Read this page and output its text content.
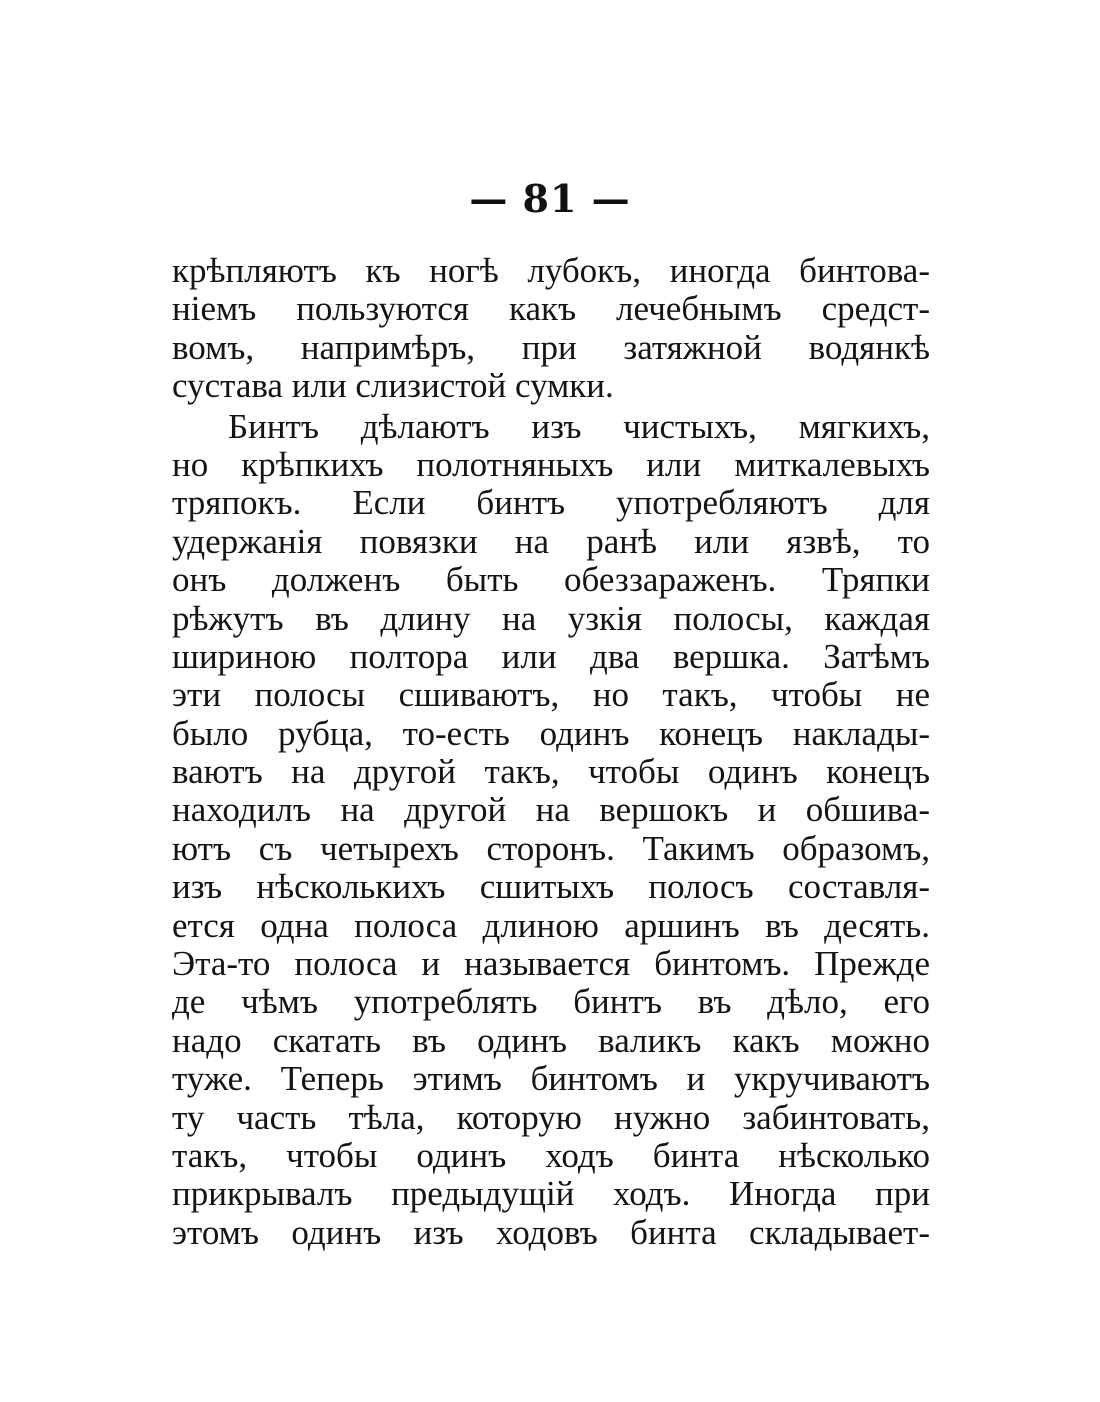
— 81 —
крѣпляютъ къ ногѣ лубокъ, иногда бинтова-
ніемъ пользуются какъ лечебнымъ средст-
вомъ, напримѣръ, при затяжной водянкѣ
сустава или слизистой сумки.
Бинтъ дѣлаютъ изъ чистыхъ, мягкихъ,
но крѣпкихъ полотняныхъ или миткалевыхъ
тряпокъ. Если бинтъ употребляютъ для
удержанія повязки на ранѣ или язвѣ, то
онъ долженъ быть обеззараженъ. Тряпки
рѣжутъ въ длину на узкія полосы, каждая
шириною полтора или два вершка. Затѣмъ
эти полосы сшиваютъ, но такъ, чтобы не
было рубца, то-есть одинъ конецъ наклады-
ваютъ на другой такъ, чтобы одинъ конецъ
находилъ на другой на вершокъ и обшива-
ютъ съ четырехъ сторонъ. Такимъ образомъ,
изъ нѣсколькихъ сшитыхъ полосъ составля-
ется одна полоса длиною аршинъ въ десять.
Эта-то полоса и называется бинтомъ. Прежде
де чѣмъ употреблять бинтъ въ дѣло, его
надо скатать въ одинъ валикъ какъ можно
туже. Теперь этимъ бинтомъ и укручиваютъ
ту часть тѣла, которую нужно забинтовать,
такъ, чтобы одинъ ходъ бинта нѣсколько
прикрывалъ предыдущій ходъ. Иногда при
этомъ одинъ изъ ходовъ бинта складывает-
